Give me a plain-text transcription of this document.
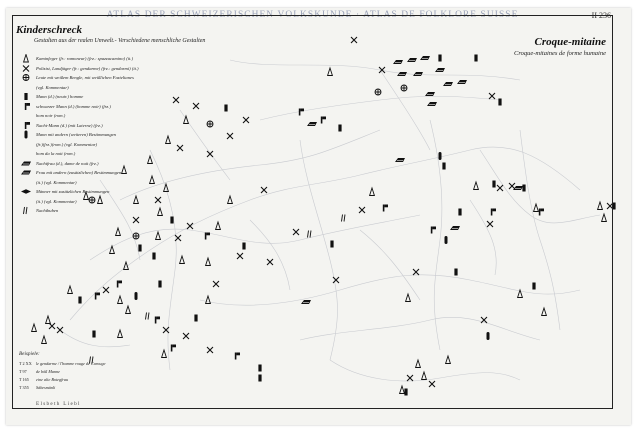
ATLAS DER SCHWEIZERISCHEN VOLKSKUNDE · ATLAS DE FOLKLORE SUISSE	II 236
Kinderschreck
Gestalten aus der realen Umwelt.- Verschiedene menschliche Gestalten	Croque-mitaine
Croque-mitaines de forme humaine
Kaminfeger (fr.: ramoneur) (frz.: spazzacamino) (it.)
Polizist, Landjäger (fr.: gendarme) (frz.: gendarmi) (it.)
Leute mit weißem Bengle, mit weißlichen Fazieltanes
(vgl. Kommentar)
Mann (d.) (neutr.) homme
schwarzer Mann (d.) (homme noir) (frz.)
hom noir (rom.)
Nacht-Mann (d.) (mit Laterne) (frz.)
Mann mit andern (weiteren) Bestimmungen
(fr.)(frz.)(rom.) (vgl. Kommentar)
hom da la nott (rom.)
Nachtfrau (d.), dame de nuit (frz.)
Frau mit andern (zusätzlichen) Bestimmungen
(it.) (vgl. Kommentar)
Männer mit zusätzlichen Bestimmungen
(it.) (vgl. Kommentar)
Nachtbuben
Beispiele:
T 2 XX	le gendarme / l'homme rouge de Carouge
T 97	de böß Manne
T 165	eine alte Botegfrau
T 355	Säbesmänli
Elsbeth Liebl
